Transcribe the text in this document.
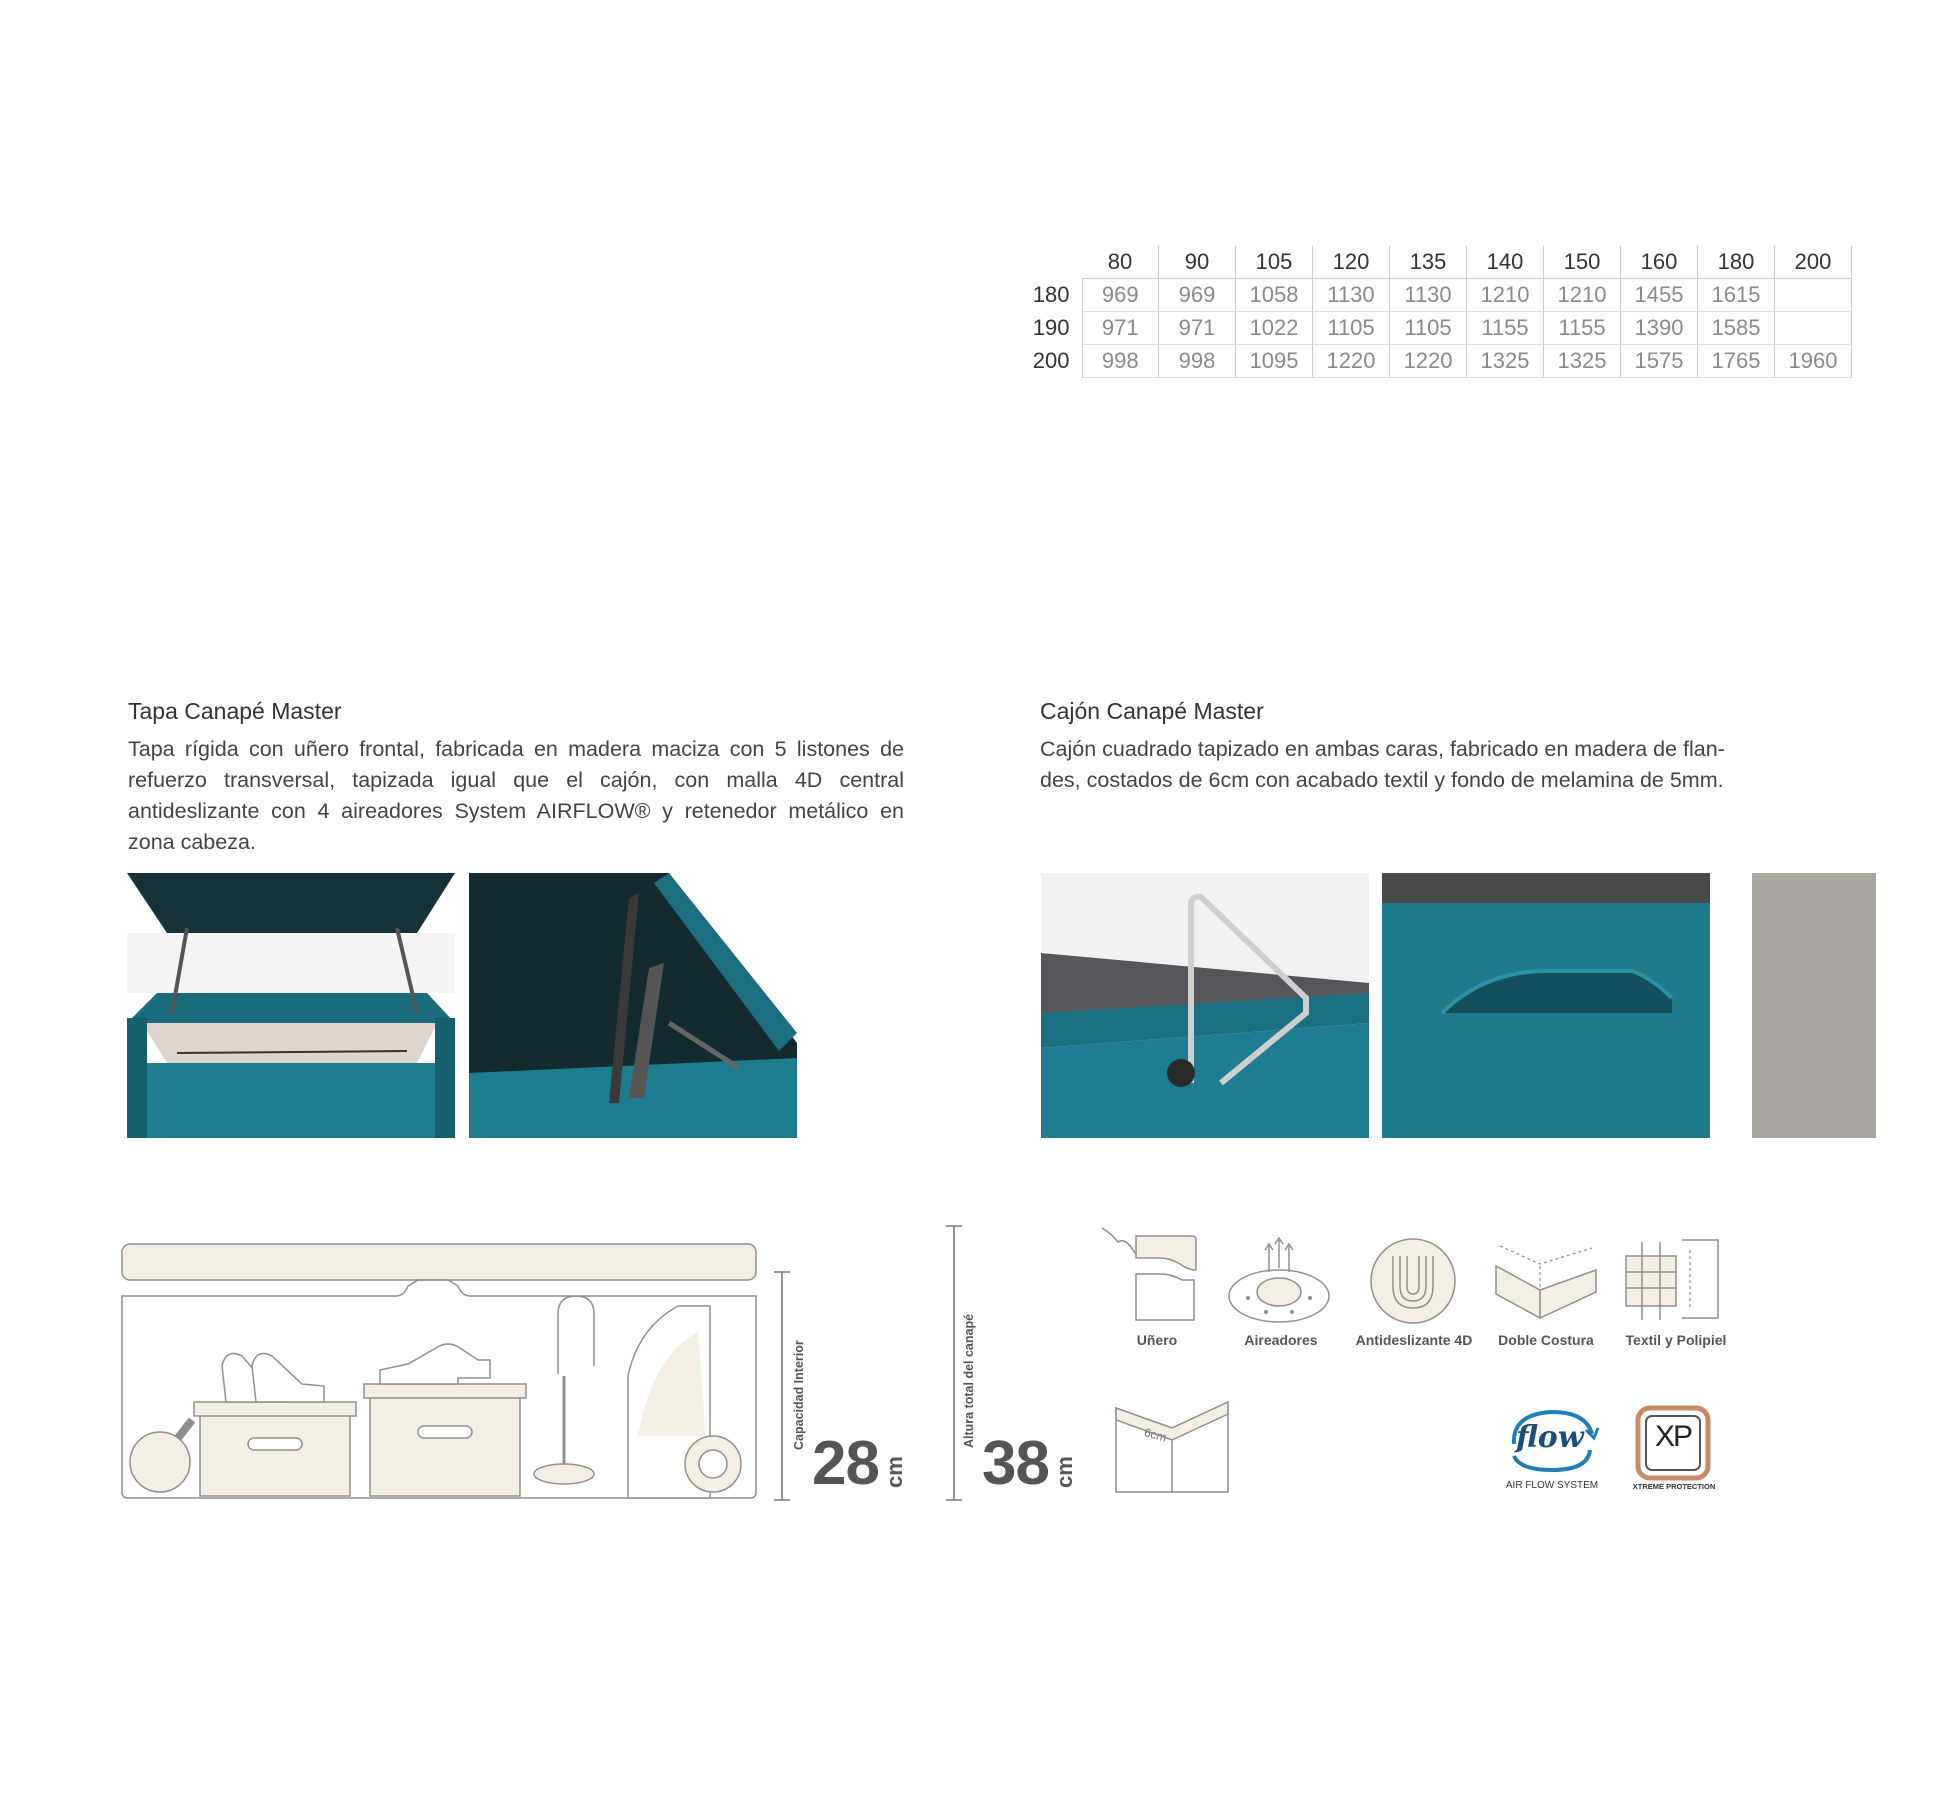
	80	90	105	120	135	140	150	160	180	200
180	969	969	1058	1130	1130	1210	1210	1455	1615	
190	971	971	1022	1105	1105	1155	1155	1390	1585	
200	998	998	1095	1220	1220	1325	1325	1575	1765	1960
Tapa Canapé Master
Tapa rígida con uñero frontal, fabricada en madera maciza con 5 listones de refuerzo transversal, tapizada igual que el cajón, con malla 4D central antideslizante con 4 aireadores System AIRFLOW® y retenedor metálico en zona cabeza.
Cajón Canapé Master
Cajón cuadrado tapizado en ambas caras, fabricado en madera de flan-
des, costados de 6cm con acabado textil y fondo de melamina de 5mm.
Capacidad Interior
28 cm
Altura total del canapé
38 cm
6cm
Uñero	Aireadores	Antideslizante 4D	Doble Costura	Textil y Polipiel
flow
AIR FLOW SYSTEM
XP
XTREME PROTECTION
